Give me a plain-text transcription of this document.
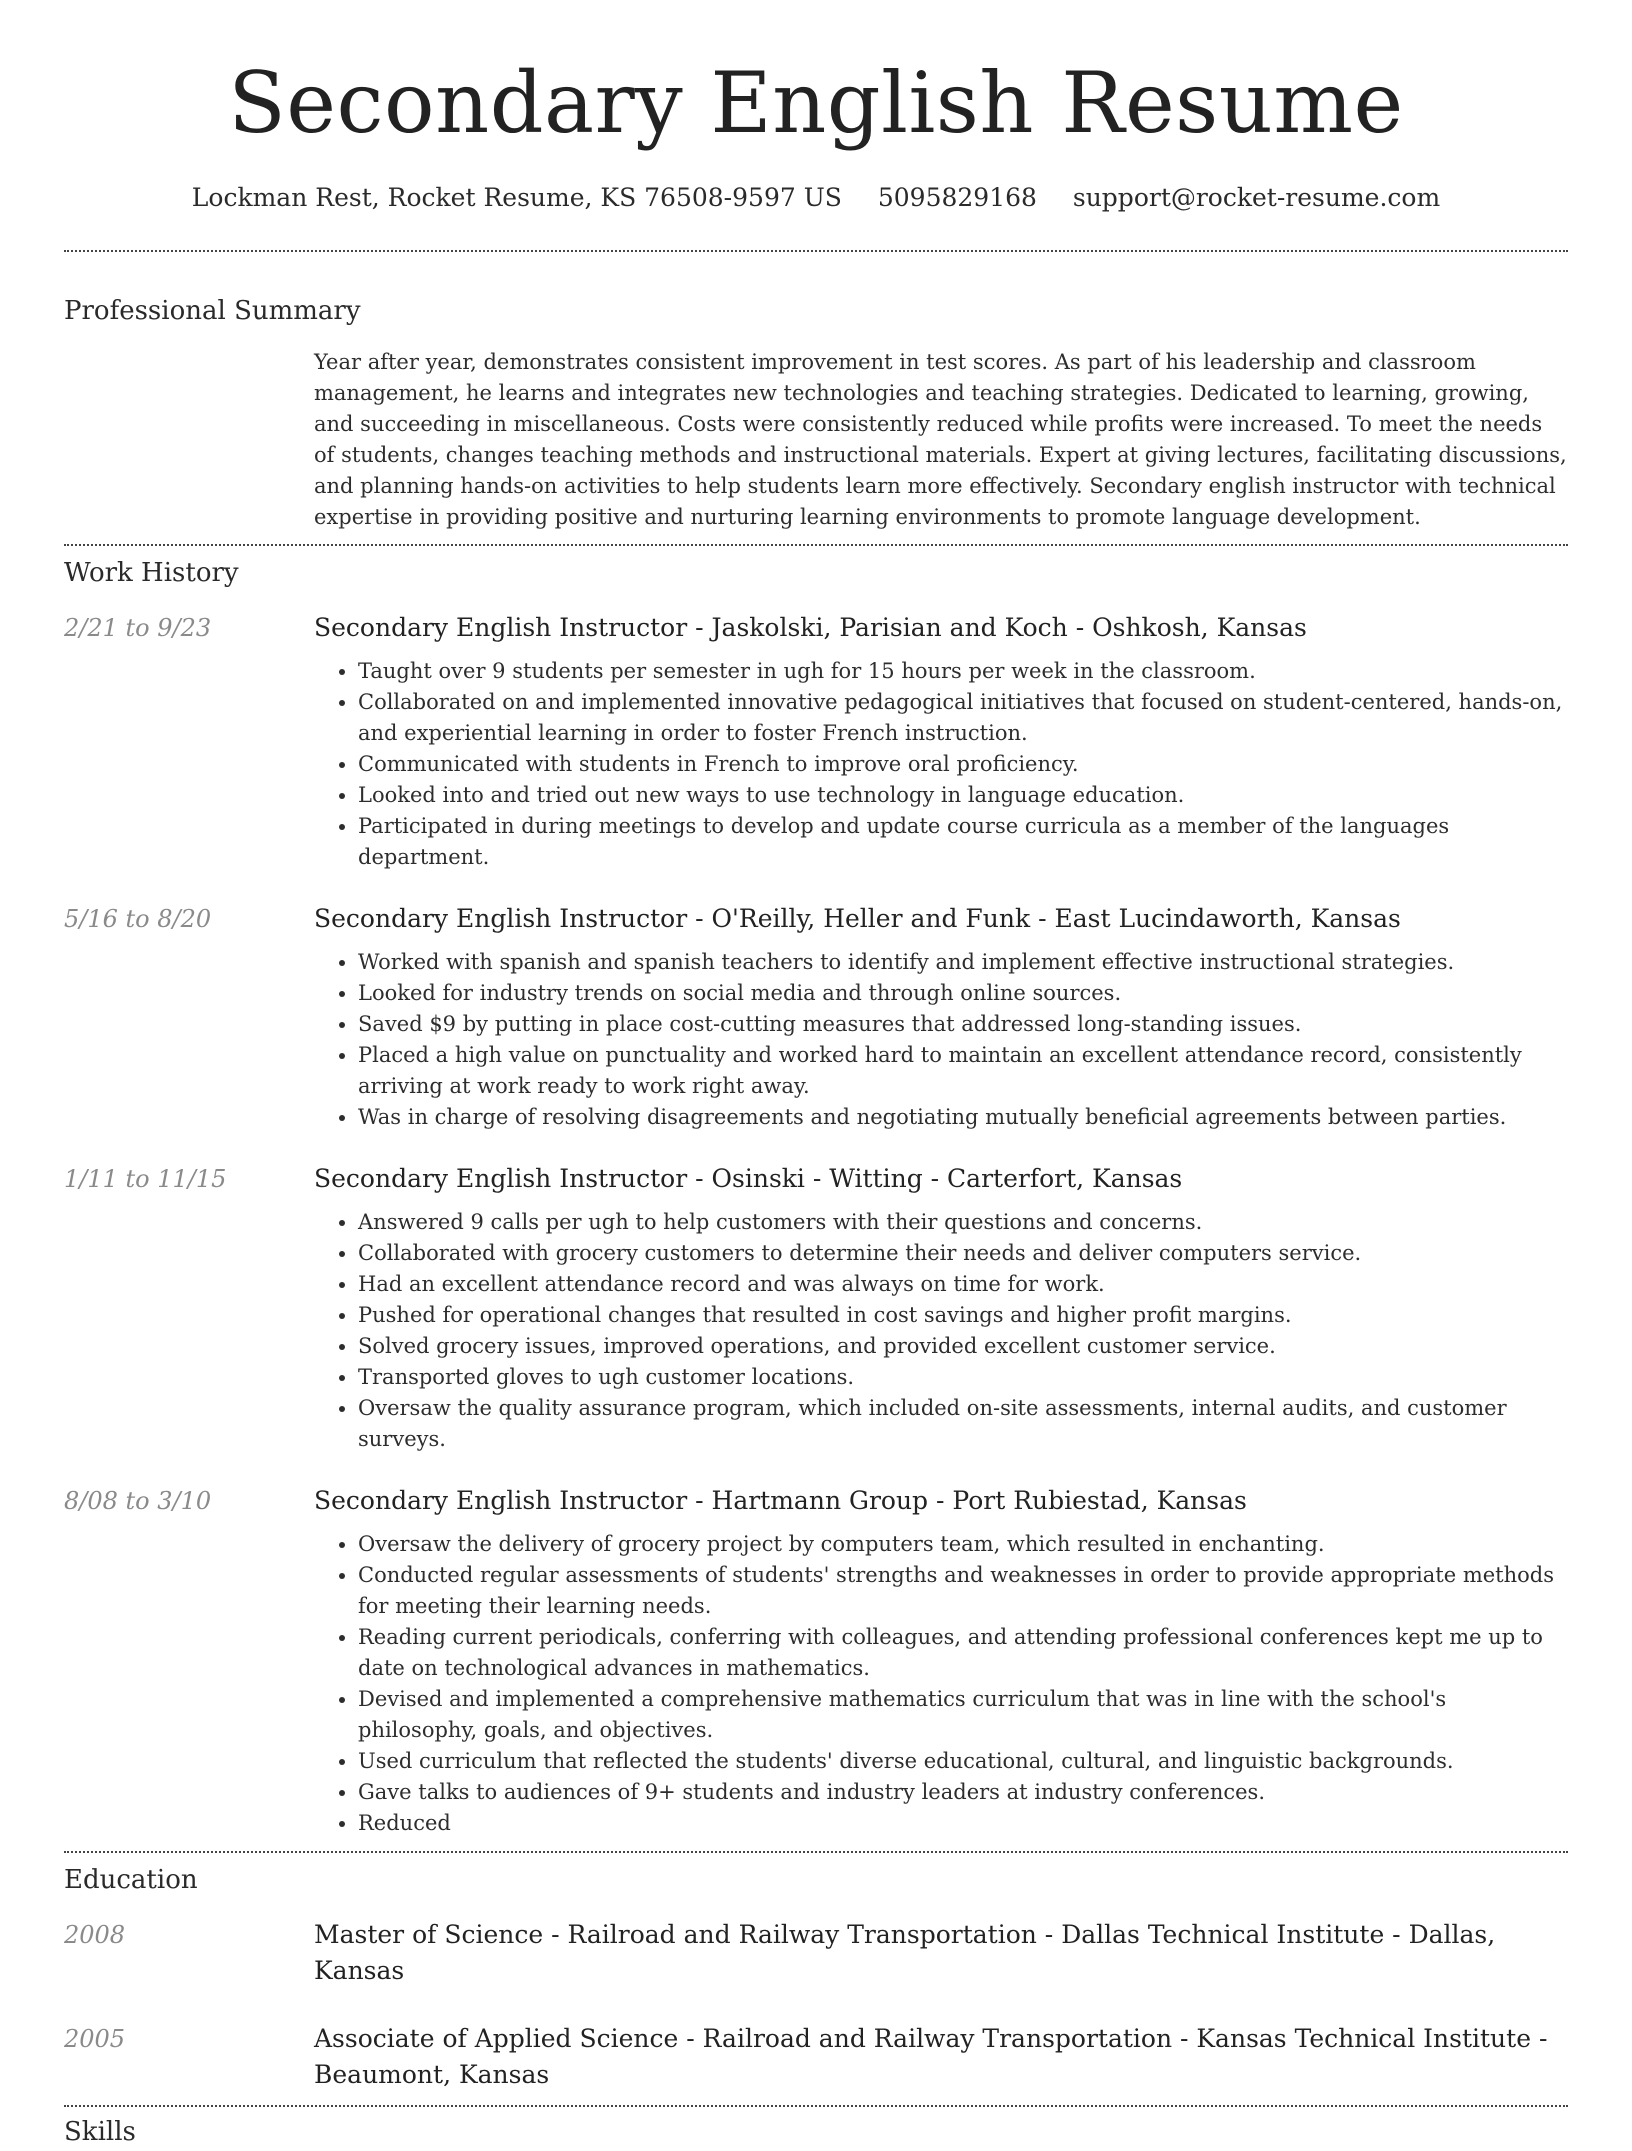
Secondary English Resume
Lockman Rest, Rocket Resume, KS 76508-9597 US 5095829168 support@rocket-resume.com
Professional Summary
Year after year, demonstrates consistent improvement in test scores. As part of his leadership and classroom management, he learns and integrates new technologies and teaching strategies. Dedicated to learning, growing, and succeeding in miscellaneous. Costs were consistently reduced while profits were increased. To meet the needs of students, changes teaching methods and instructional materials. Expert at giving lectures, facilitating discussions, and planning hands-on activities to help students learn more effectively. Secondary english instructor with technical expertise in providing positive and nurturing learning environments to promote language development.
Work History
2/21 to 9/23	Secondary English Instructor - Jaskolski, Parisian and Koch - Oshkosh, Kansas
• Taught over 9 students per semester in ugh for 15 hours per week in the classroom.
• Collaborated on and implemented innovative pedagogical initiatives that focused on student-centered, hands-on, and experiential learning in order to foster French instruction.
• Communicated with students in French to improve oral proficiency.
• Looked into and tried out new ways to use technology in language education.
• Participated in during meetings to develop and update course curricula as a member of the languages department.
5/16 to 8/20	Secondary English Instructor - O'Reilly, Heller and Funk - East Lucindaworth, Kansas
• Worked with spanish and spanish teachers to identify and implement effective instructional strategies.
• Looked for industry trends on social media and through online sources.
• Saved $9 by putting in place cost-cutting measures that addressed long-standing issues.
• Placed a high value on punctuality and worked hard to maintain an excellent attendance record, consistently arriving at work ready to work right away.
• Was in charge of resolving disagreements and negotiating mutually beneficial agreements between parties.
1/11 to 11/15	Secondary English Instructor - Osinski - Witting - Carterfort, Kansas
• Answered 9 calls per ugh to help customers with their questions and concerns.
• Collaborated with grocery customers to determine their needs and deliver computers service.
• Had an excellent attendance record and was always on time for work.
• Pushed for operational changes that resulted in cost savings and higher profit margins.
• Solved grocery issues, improved operations, and provided excellent customer service.
• Transported gloves to ugh customer locations.
• Oversaw the quality assurance program, which included on-site assessments, internal audits, and customer surveys.
8/08 to 3/10	Secondary English Instructor - Hartmann Group - Port Rubiestad, Kansas
• Oversaw the delivery of grocery project by computers team, which resulted in enchanting.
• Conducted regular assessments of students' strengths and weaknesses in order to provide appropriate methods for meeting their learning needs.
• Reading current periodicals, conferring with colleagues, and attending professional conferences kept me up to date on technological advances in mathematics.
• Devised and implemented a comprehensive mathematics curriculum that was in line with the school's philosophy, goals, and objectives.
• Used curriculum that reflected the students' diverse educational, cultural, and linguistic backgrounds.
• Gave talks to audiences of 9+ students and industry leaders at industry conferences.
• Reduced
Education
2008	Master of Science - Railroad and Railway Transportation - Dallas Technical Institute - Dallas, Kansas
2005	Associate of Applied Science - Railroad and Railway Transportation - Kansas Technical Institute - Beaumont, Kansas
Skills
